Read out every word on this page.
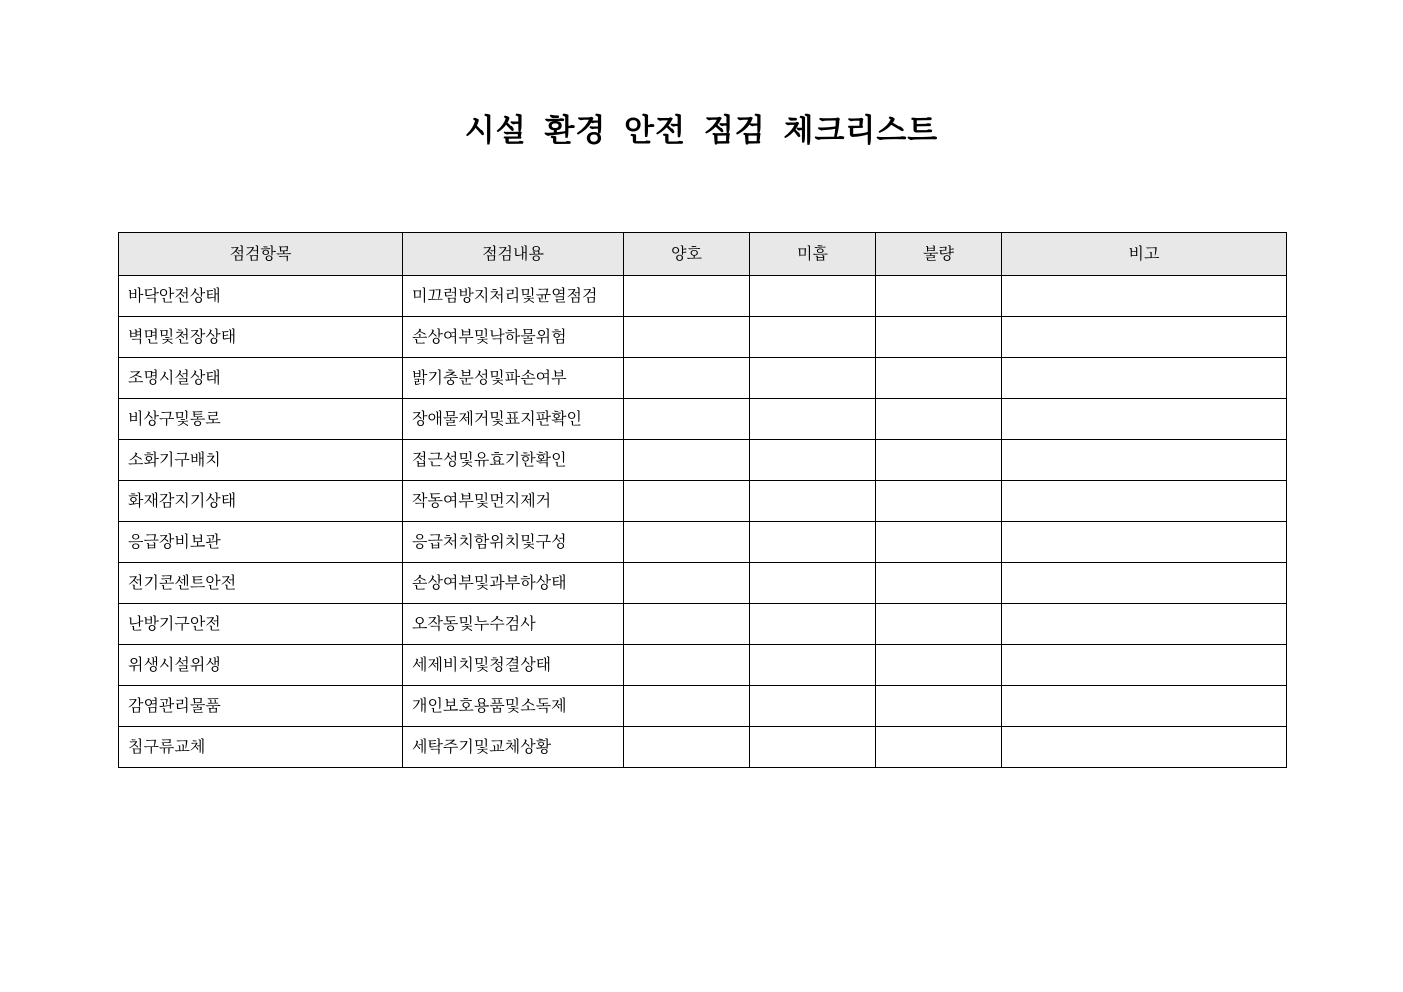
시설 환경 안전 점검 체크리스트
점검항목	점검내용	양호	미흡	불량	비고
바닥안전상태	미끄럼방지처리및균열점검				
벽면및천장상태	손상여부및낙하물위험				
조명시설상태	밝기충분성및파손여부				
비상구및통로	장애물제거및표지판확인				
소화기구배치	접근성및유효기한확인				
화재감지기상태	작동여부및먼지제거				
응급장비보관	응급처치함위치및구성				
전기콘센트안전	손상여부및과부하상태				
난방기구안전	오작동및누수검사				
위생시설위생	세제비치및청결상태				
감염관리물품	개인보호용품및소독제				
침구류교체	세탁주기및교체상황				
